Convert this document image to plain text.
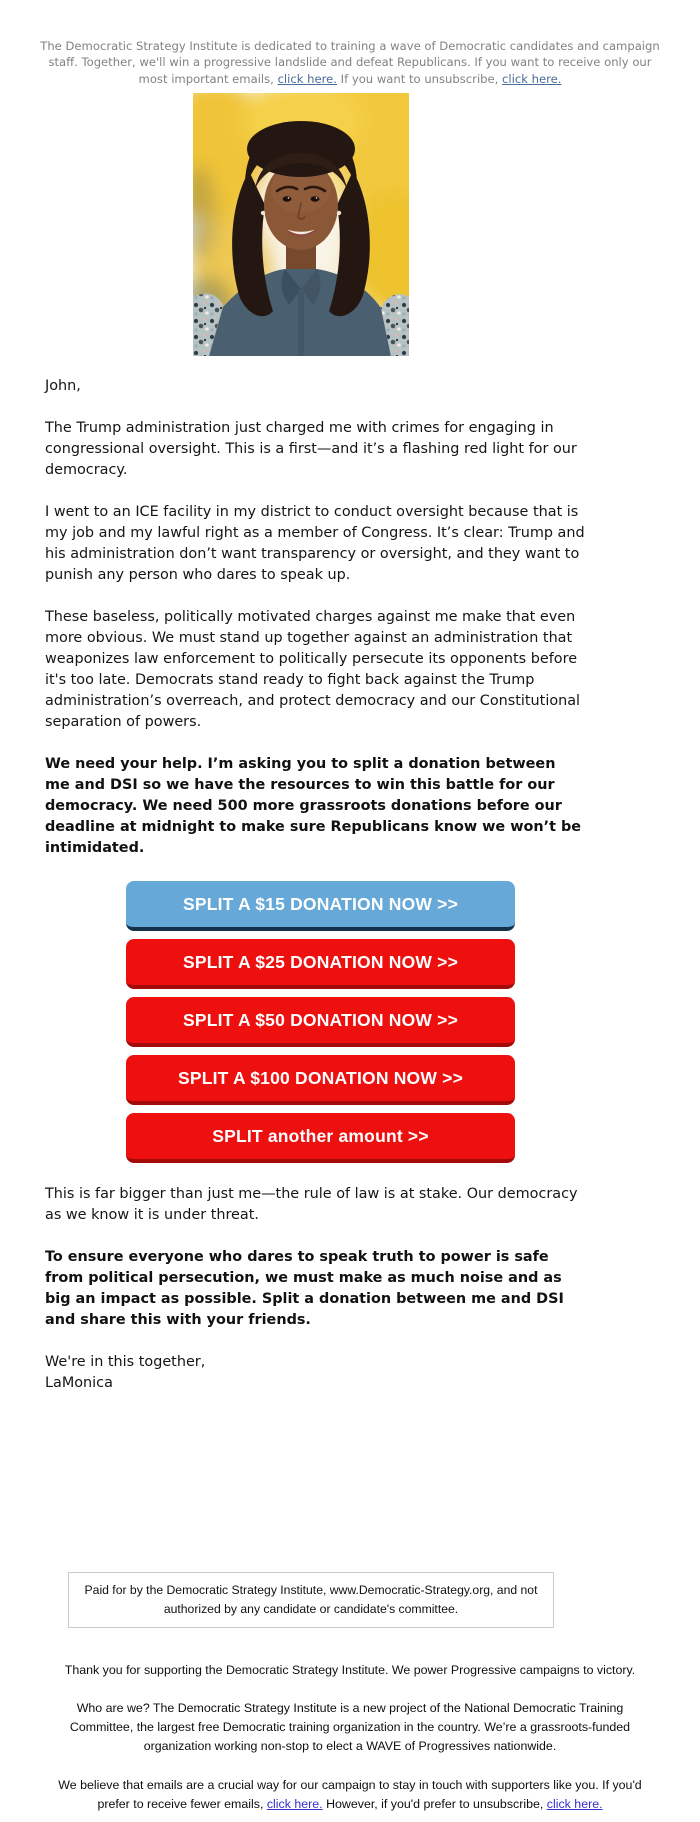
The Democratic Strategy Institute is dedicated to training a wave of Democratic candidates and campaign staff. Together, we'll win a progressive landslide and defeat Republicans. If you want to receive only our most important emails, click here. If you want to unsubscribe, click here.

John,

The Trump administration just charged me with crimes for engaging in congressional oversight. This is a first—and it’s a flashing red light for our democracy.

I went to an ICE facility in my district to conduct oversight because that is my job and my lawful right as a member of Congress. It’s clear: Trump and his administration don’t want transparency or oversight, and they want to punish any person who dares to speak up.

These baseless, politically motivated charges against me make that even more obvious. We must stand up together against an administration that weaponizes law enforcement to politically persecute its opponents before it's too late. Democrats stand ready to fight back against the Trump administration’s overreach, and protect democracy and our Constitutional separation of powers.

We need your help. I’m asking you to split a donation between me and DSI so we have the resources to win this battle for our democracy. We need 500 more grassroots donations before our deadline at midnight to make sure Republicans know we won’t be intimidated.

SPLIT A $15 DONATION NOW >>
SPLIT A $25 DONATION NOW >>
SPLIT A $50 DONATION NOW >>
SPLIT A $100 DONATION NOW >>
SPLIT another amount >>

This is far bigger than just me—the rule of law is at stake. Our democracy as we know it is under threat.

To ensure everyone who dares to speak truth to power is safe from political persecution, we must make as much noise and as big an impact as possible. Split a donation between me and DSI and share this with your friends.

We're in this together,
LaMonica
Paid for by the Democratic Strategy Institute, www.Democratic-Strategy.org, and not authorized by any candidate or candidate's committee.

Thank you for supporting the Democratic Strategy Institute. We power Progressive campaigns to victory.

Who are we? The Democratic Strategy Institute is a new project of the National Democratic Training Committee, the largest free Democratic training organization in the country. We’re a grassroots-funded organization working non-stop to elect a WAVE of Progressives nationwide.

We believe that emails are a crucial way for our campaign to stay in touch with supporters like you. If you'd prefer to receive fewer emails, click here. However, if you'd prefer to unsubscribe, click here.
